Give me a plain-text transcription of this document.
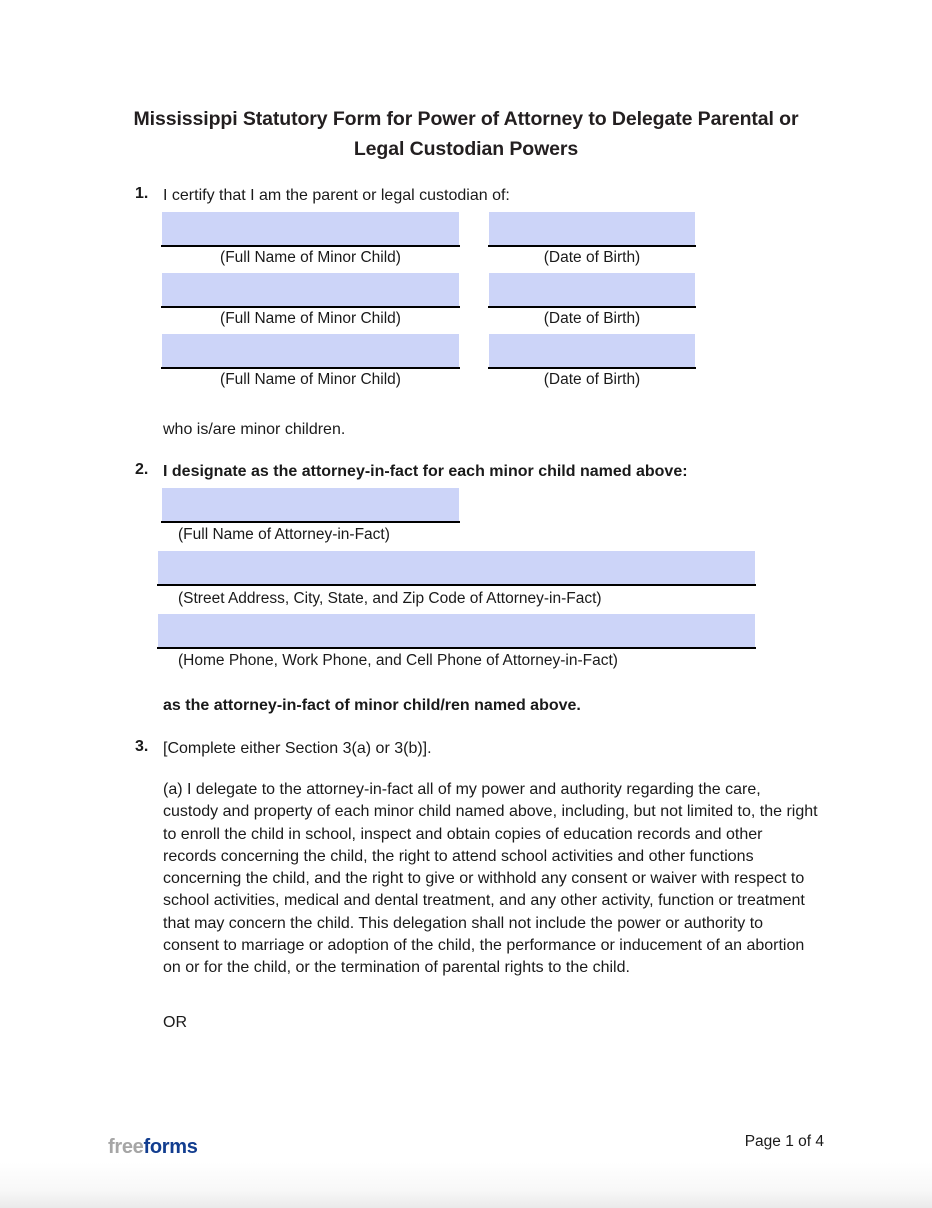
Mississippi Statutory Form for Power of Attorney to Delegate Parental or Legal Custodian Powers
1. I certify that I am the parent or legal custodian of:
(Full Name of Minor Child)	(Date of Birth)
(Full Name of Minor Child)	(Date of Birth)
(Full Name of Minor Child)	(Date of Birth)
who is/are minor children.
2. I designate as the attorney-in-fact for each minor child named above:
(Full Name of Attorney-in-Fact)
(Street Address, City, State, and Zip Code of Attorney-in-Fact)
(Home Phone, Work Phone, and Cell Phone of Attorney-in-Fact)
as the attorney-in-fact of minor child/ren named above.
3. [Complete either Section 3(a) or 3(b)].
(a) I delegate to the attorney-in-fact all of my power and authority regarding the care, custody and property of each minor child named above, including, but not limited to, the right to enroll the child in school, inspect and obtain copies of education records and other records concerning the child, the right to attend school activities and other functions concerning the child, and the right to give or withhold any consent or waiver with respect to school activities, medical and dental treatment, and any other activity, function or treatment that may concern the child. This delegation shall not include the power or authority to consent to marriage or adoption of the child, the performance or inducement of an abortion on or for the child, or the termination of parental rights to the child.
OR
freeforms	Page 1 of 4
